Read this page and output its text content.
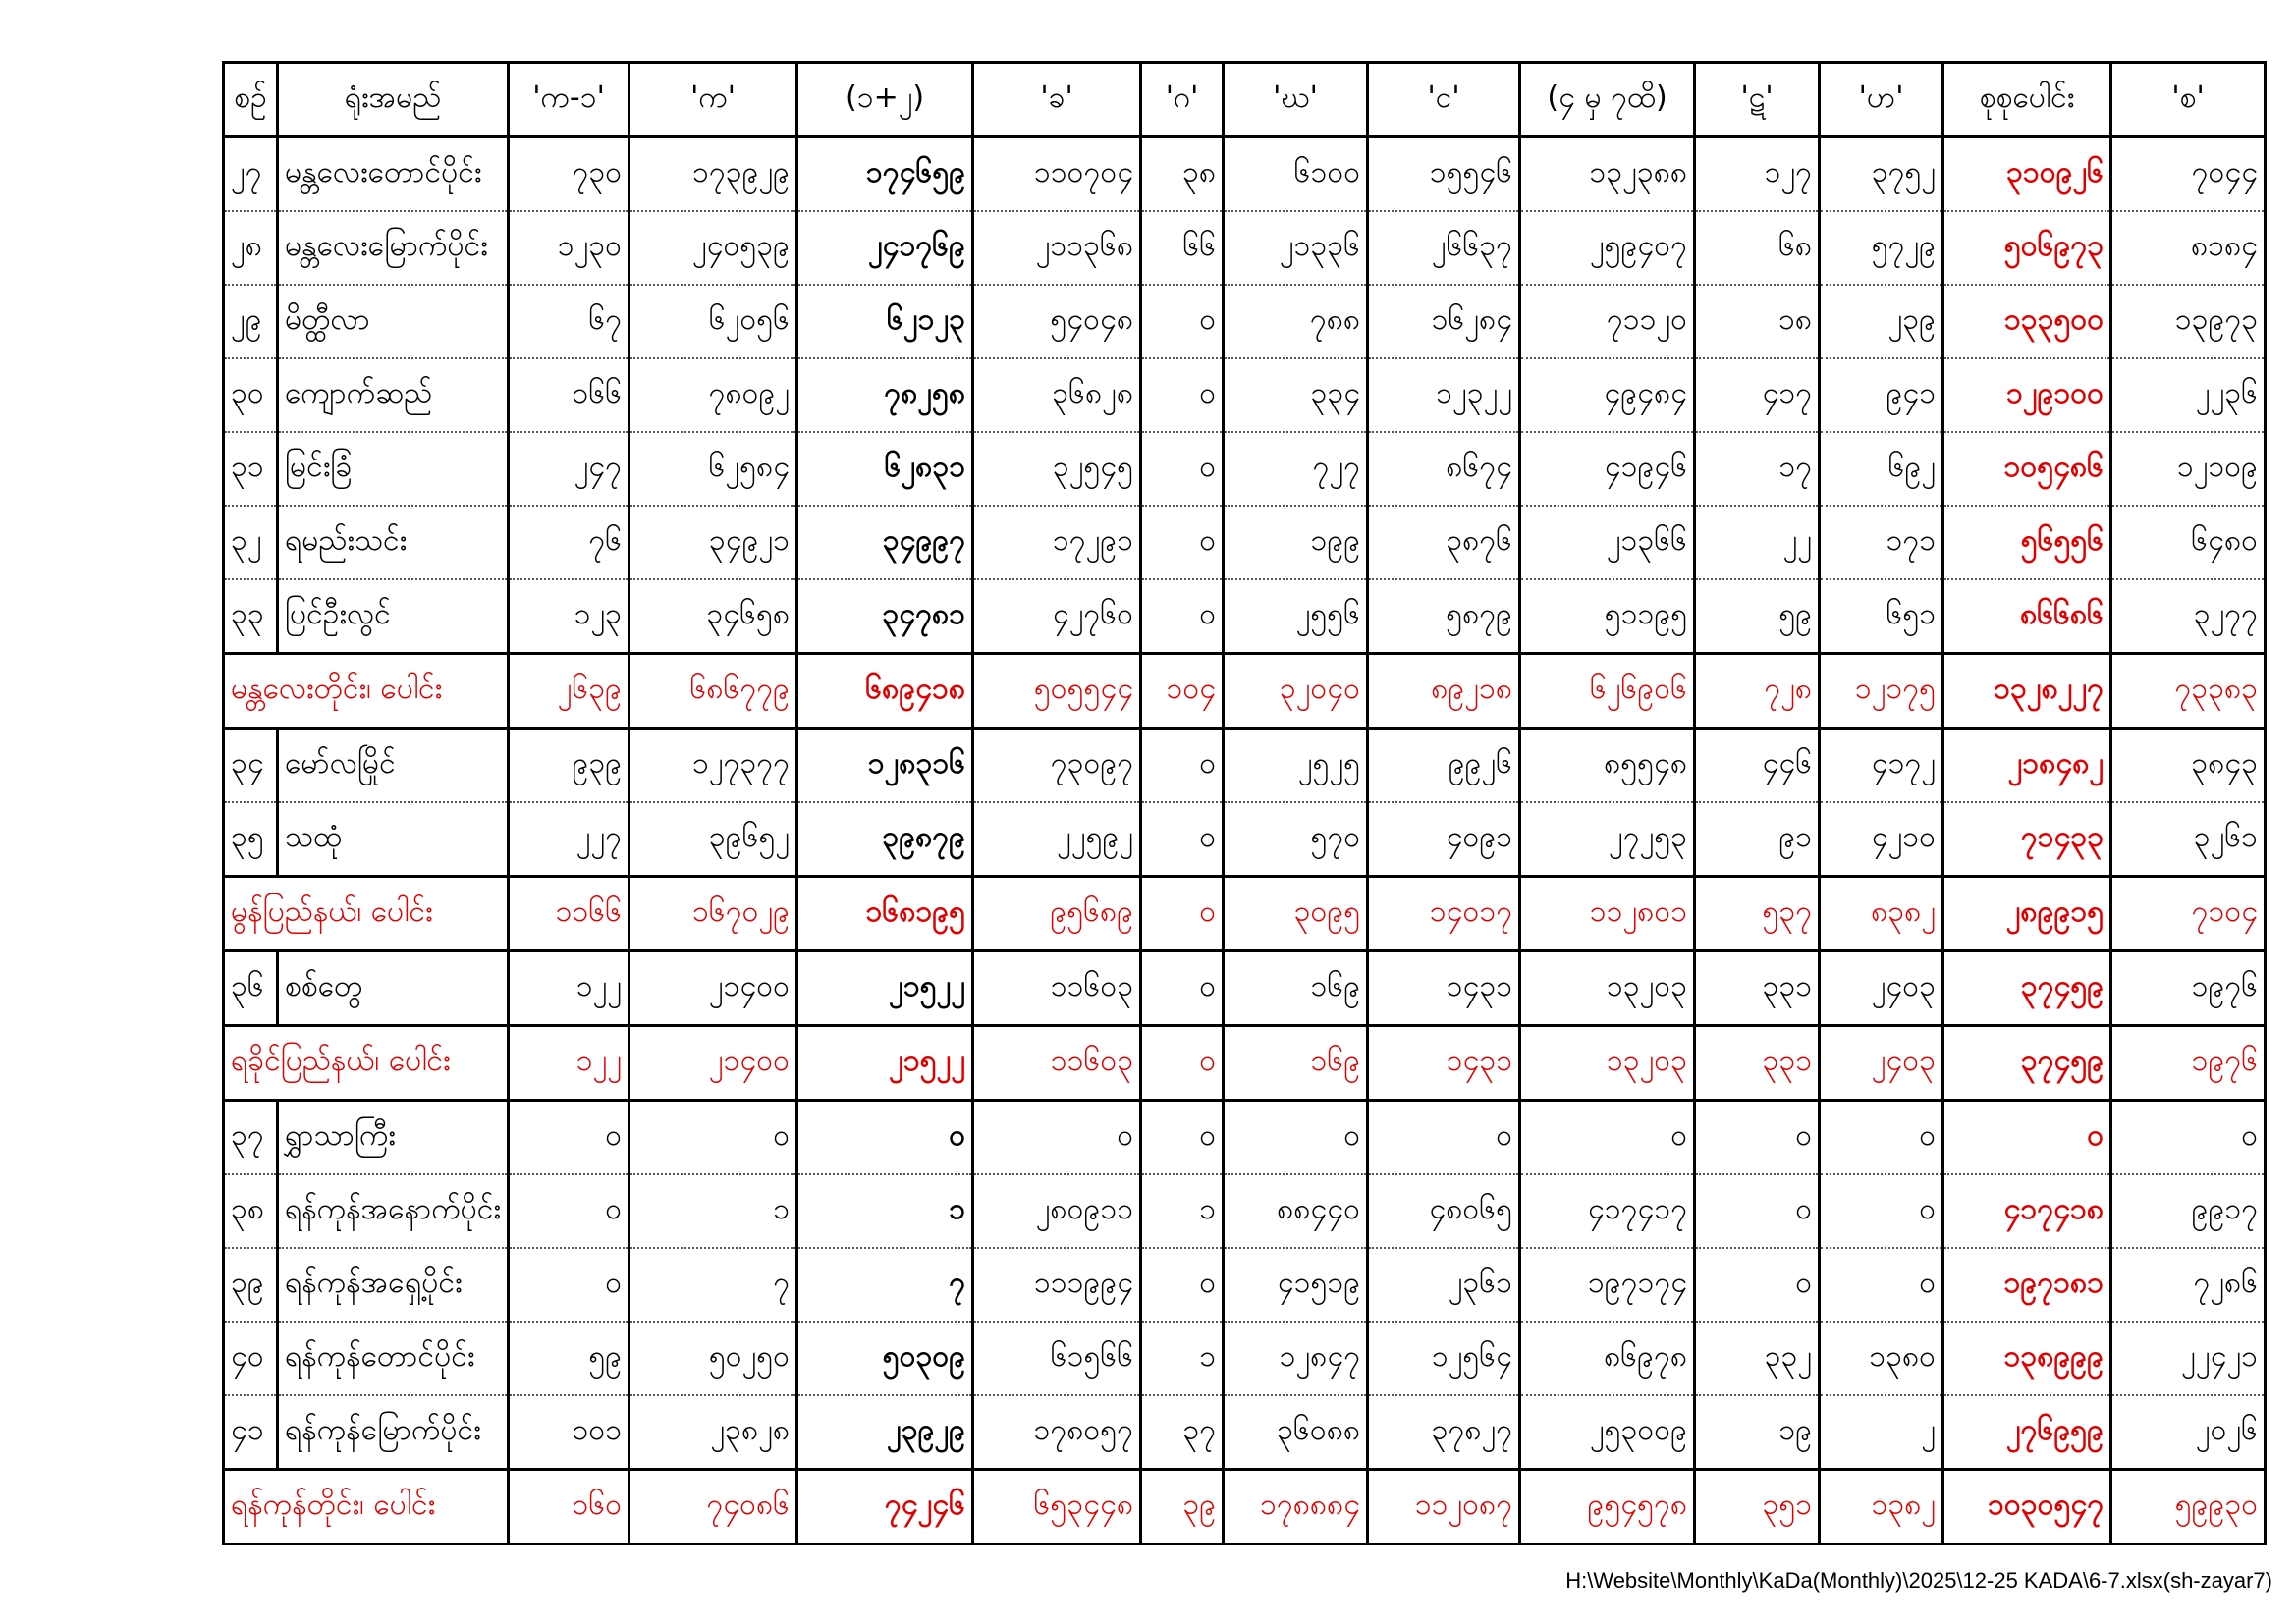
စဉ်	ရုံးအမည်	'က-၁'	'က'	(၁+၂)	'ခ'	'ဂ'	'ဃ'	'င'	(၄ မှ ၇ထိ)	'ဋ'	'ဟ'	စုစုပေါင်း	'စ'
၂၇	မန္တလေးတောင်ပိုင်း	၇၃၀	၁၇၃၉၂၉	၁၇၄၆၅၉	၁၁၀၇၀၄	၃၈	၆၁၀၀	၁၅၅၄၆	၁၃၂၃၈၈	၁၂၇	၃၇၅၂	၃၁၀၉၂၆	၇၀၄၄
၂၈	မန္တလေးမြောက်ပိုင်း	၁၂၃၀	၂၄၀၅၃၉	၂၄၁၇၆၉	၂၁၁၃၆၈	၆၆	၂၁၃၃၆	၂၆၆၃၇	၂၅၉၄၀၇	၆၈	၅၇၂၉	၅၀၆၉၇၃	၈၁၈၄
၂၉	မိတ္ထီလာ	၆၇	၆၂၀၅၆	၆၂၁၂၃	၅၄၀၄၈	၀	၇၈၈	၁၆၂၈၄	၇၁၁၂၀	၁၈	၂၃၉	၁၃၃၅၀၀	၁၃၉၇၃
၃၀	ကျောက်ဆည်	၁၆၆	၇၈၀၉၂	၇၈၂၅၈	၃၆၈၂၈	၀	၃၃၄	၁၂၃၂၂	၄၉၄၈၄	၄၁၇	၉၄၁	၁၂၉၁၀၀	၂၂၃၆
၃၁	မြင်းခြံ	၂၄၇	၆၂၅၈၄	၆၂၈၃၁	၃၂၅၄၅	၀	၇၂၇	၈၆၇၄	၄၁၉၄၆	၁၇	၆၉၂	၁၀၅၄၈၆	၁၂၁၀၉
၃၂	ရမည်းသင်း	၇၆	၃၄၉၂၁	၃၄၉၉၇	၁၇၂၉၁	၀	၁၉၉	၃၈၇၆	၂၁၃၆၆	၂၂	၁၇၁	၅၆၅၅၆	၆၄၈၀
၃၃	ပြင်ဦးလွင်	၁၂၃	၃၄၆၅၈	၃၄၇၈၁	၄၂၇၆၀	၀	၂၅၅၆	၅၈၇၉	၅၁၁၉၅	၅၉	၆၅၁	၈၆၆၈၆	၃၂၇၇
မန္တလေးတိုင်း၊ ပေါင်း		၂၆၃၉	၆၈၆၇၇၉	၆၈၉၄၁၈	၅၀၅၅၄၄	၁၀၄	၃၂၀၄၀	၈၉၂၁၈	၆၂၆၉၀၆	၇၂၈	၁၂၁၇၅	၁၃၂၈၂၂၇	၇၃၃၈၃
၃၄	မော်လမြိုင်	၉၃၉	၁၂၇၃၇၇	၁၂၈၃၁၆	၇၃၀၉၇	၀	၂၅၂၅	၉၉၂၆	၈၅၅၄၈	၄၄၆	၄၁၇၂	၂၁၈၄၈၂	၃၈၄၃
၃၅	သထုံ	၂၂၇	၃၉၆၅၂	၃၉၈၇၉	၂၂၅၉၂	၀	၅၇၀	၄၀၉၁	၂၇၂၅၃	၉၁	၄၂၁၀	၇၁၄၃၃	၃၂၆၁
မွန်ပြည်နယ်၊ ပေါင်း		၁၁၆၆	၁၆၇၀၂၉	၁၆၈၁၉၅	၉၅၆၈၉	၀	၃၀၉၅	၁၄၀၁၇	၁၁၂၈၀၁	၅၃၇	၈၃၈၂	၂၈၉၉၁၅	၇၁၀၄
၃၆	စစ်တွေ	၁၂၂	၂၁၄၀၀	၂၁၅၂၂	၁၁၆၀၃	၀	၁၆၉	၁၄၃၁	၁၃၂၀၃	၃၃၁	၂၄၀၃	၃၇၄၅၉	၁၉၇၆
ရခိုင်ပြည်နယ်၊ ပေါင်း		၁၂၂	၂၁၄၀၀	၂၁၅၂၂	၁၁၆၀၃	၀	၁၆၉	၁၄၃၁	၁၃၂၀၃	၃၃၁	၂၄၀၃	၃၇၄၅၉	၁၉၇၆
၃၇	ရွှာသာကြီး	၀	၀	၀	၀	၀	၀	၀	၀	၀	၀	၀	၀
၃၈	ရန်ကုန်အနောက်ပိုင်း	၀	၁	၁	၂၈၀၉၁၁	၁	၈၈၄၄၀	၄၈၀၆၅	၄၁၇၄၁၇	၀	၀	၄၁၇၄၁၈	၉၉၁၇
၃၉	ရန်ကုန်အရှေ့ပိုင်း	၀	၇	၇	၁၁၁၉၉၄	၀	၄၁၅၁၉	၂၃၆၁	၁၉၇၁၇၄	၀	၀	၁၉၇၁၈၁	၇၂၈၆
၄၀	ရန်ကုန်တောင်ပိုင်း	၅၉	၅၀၂၅၀	၅၀၃၀၉	၆၁၅၆၆	၁	၁၂၈၄၇	၁၂၅၆၄	၈၆၉၇၈	၃၃၂	၁၃၈၀	၁၃၈၉၉၉	၂၂၄၂၁
၄၁	ရန်ကုန်မြောက်ပိုင်း	၁၀၁	၂၃၈၂၈	၂၃၉၂၉	၁၇၈၀၅၇	၃၇	၃၆၀၈၈	၃၇၈၂၇	၂၅၃၀၀၉	၁၉	၂	၂၇၆၉၅၉	၂၀၂၆
ရန်ကုန်တိုင်း၊ ပေါင်း		၁၆၀	၇၄၀၈၆	၇၄၂၄၆	၆၅၃၄၄၈	၃၉	၁၇၈၈၈၄	၁၁၂၀၈၇	၉၅၄၅၇၈	၃၅၁	၁၃၈၂	၁၀၃၀၅၄၇	၅၉၉၃၀
H:\Website\Monthly\KaDa(Monthly)\2025\12-25 KADA\6-7.xlsx(sh-zayar7)
